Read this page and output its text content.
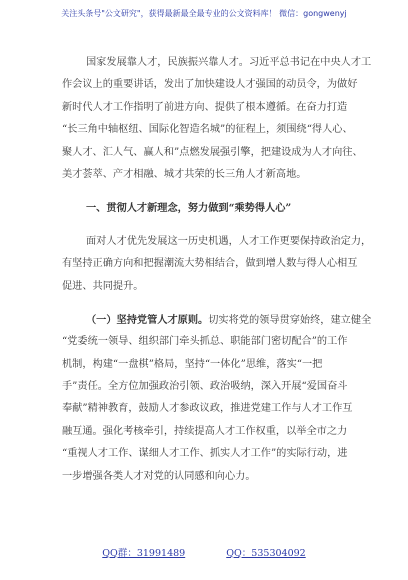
关注头条号"公文研究"，获得最新最全最专业的公文资料库！ 微信：gongwenyj
国家发展靠人才，民族振兴靠人才。习近平总书记在中央人才工
作会议上的重要讲话，发出了加快建设人才强国的动员令，为做好
新时代人才工作指明了前进方向、提供了根本遵循。在奋力打造
“长三角中轴枢纽、国际化智造名城”的征程上，须围绕“得人心、
聚人才、汇人气、赢人和”点燃发展强引擎，把建设成为人才向往、
美才荟萃、产才相融、城才共荣的长三角人才新高地。
一、贯彻人才新理念，努力做到“乘势得人心”
面对人才优先发展这一历史机遇，人才工作更要保持政治定力，
有坚持正确方向和把握潮流大势相结合，做到增人数与得人心相互
促进、共同提升。
（一）坚持党管人才原则。切实将党的领导贯穿始终，建立健全
“党委统一领导、组织部门牵头抓总、职能部门密切配合”的工作
机制，构建“一盘棋”格局，坚持“一体化”思维，落实“一把
手”责任。全方位加强政治引领、政治吸纳，深入开展“爱国奋斗
奉献”精神教育，鼓励人才参政议政，推进党建工作与人才工作互
融互通。强化考核牵引，持续提高人才工作权重，以举全市之力
“重视人才工作、谋细人才工作、抓实人才工作”的实际行动，进
一步增强各类人才对党的认同感和向心力。
QQ群：31991489	QQ：535304092
